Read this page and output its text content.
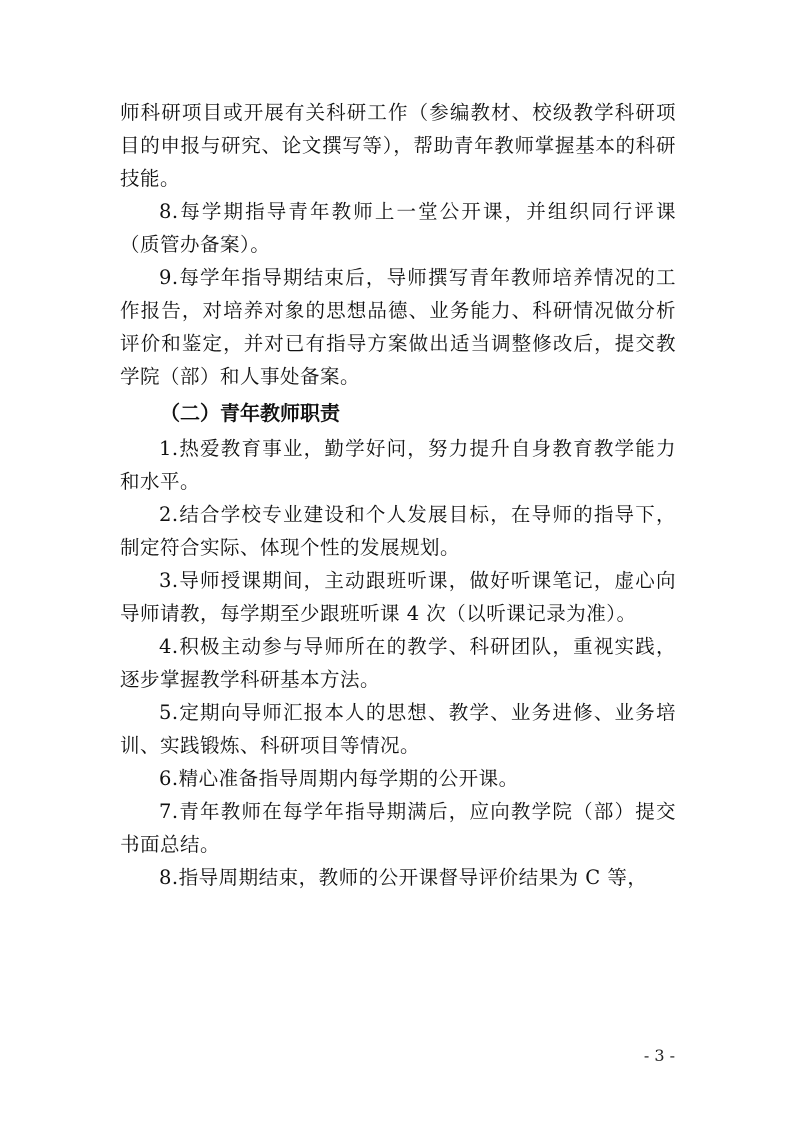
师科研项目或开展有关科研工作（参编教材、校级教学科研项目的申报与研究、论文撰写等），帮助青年教师掌握基本的科研技能。

8.每学期指导青年教师上一堂公开课，并组织同行评课（质管办备案）。

9.每学年指导期结束后，导师撰写青年教师培养情况的工作报告，对培养对象的思想品德、业务能力、科研情况做分析评价和鉴定，并对已有指导方案做出适当调整修改后，提交教学院（部）和人事处备案。

（二）青年教师职责

1.热爱教育事业，勤学好问，努力提升自身教育教学能力和水平。

2.结合学校专业建设和个人发展目标，在导师的指导下，制定符合实际、体现个性的发展规划。

3.导师授课期间，主动跟班听课，做好听课笔记，虚心向导师请教，每学期至少跟班听课 4 次（以听课记录为准）。

4.积极主动参与导师所在的教学、科研团队，重视实践，逐步掌握教学科研基本方法。

5.定期向导师汇报本人的思想、教学、业务进修、业务培训、实践锻炼、科研项目等情况。

6.精心准备指导周期内每学期的公开课。

7.青年教师在每学年指导期满后，应向教学院（部）提交书面总结。

8.指导周期结束，教师的公开课督导评价结果为 C 等，

- 3 -
